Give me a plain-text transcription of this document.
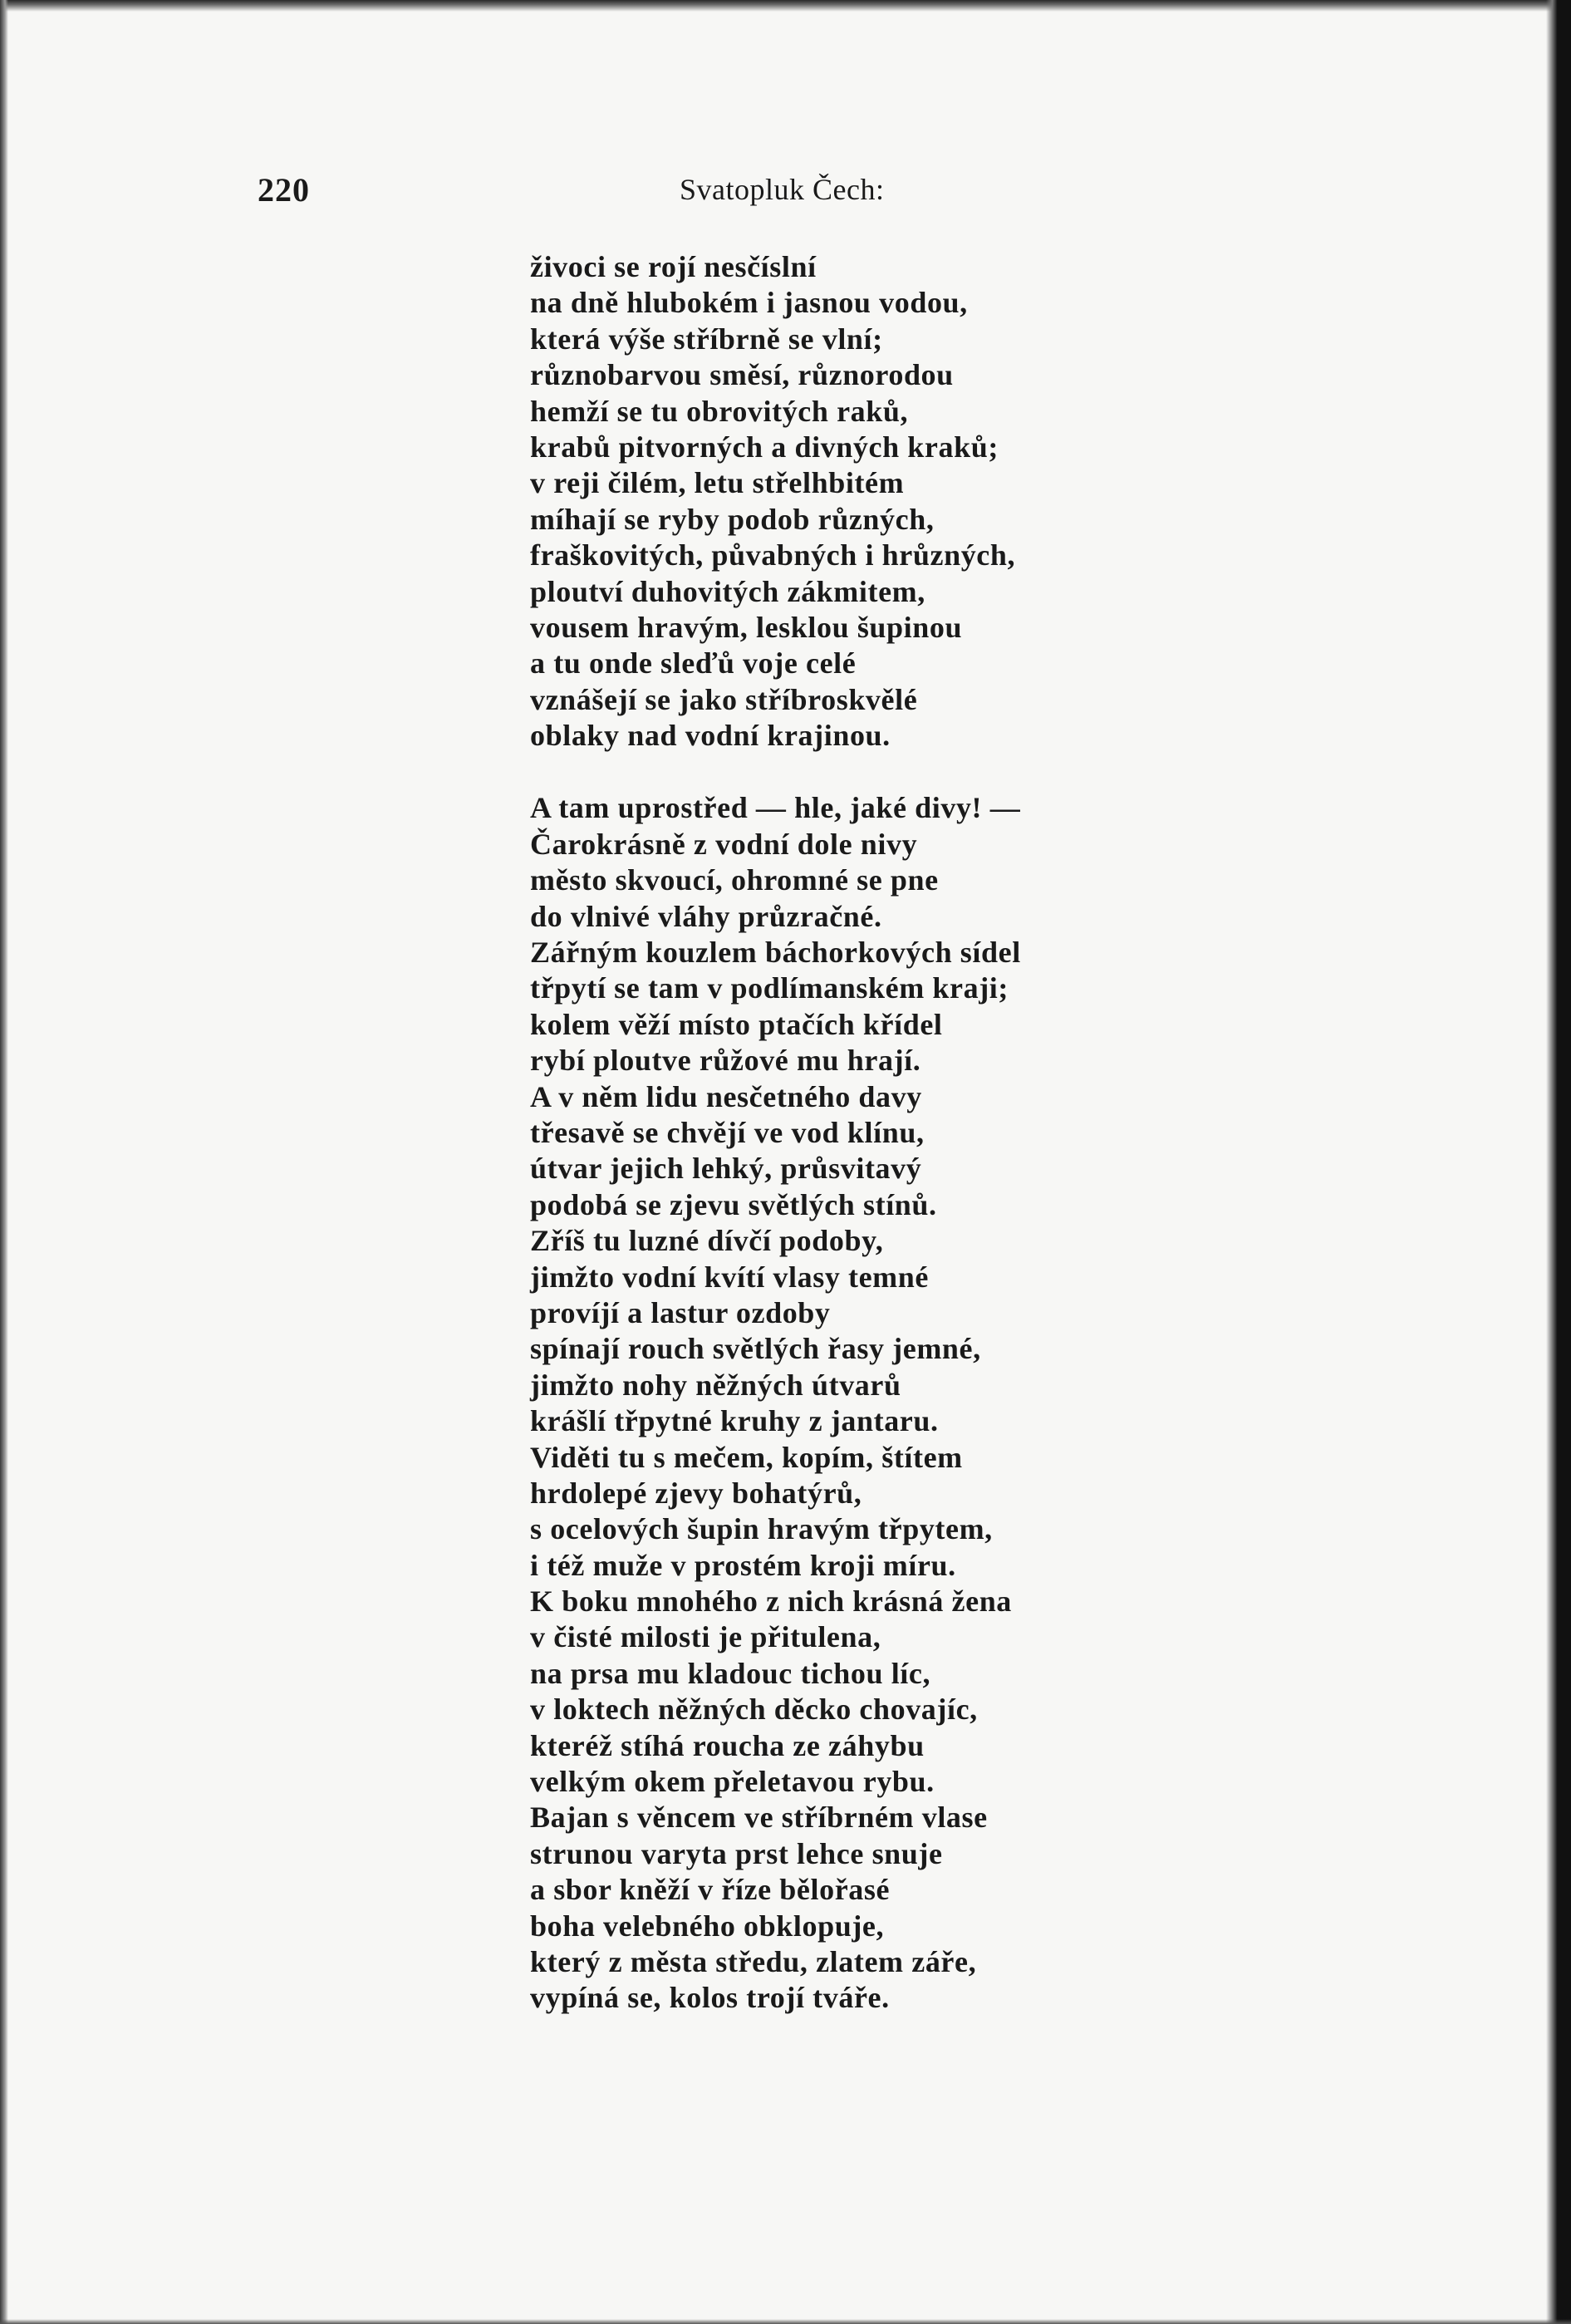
220	Svatopluk Čech:
živoci se rojí nesčíslní
na dně hlubokém i jasnou vodou,
která výše stříbrně se vlní;
různobarvou směsí, různorodou
hemží se tu obrovitých raků,
krabů pitvorných a divných kraků;
v reji čilém, letu střelhbitém
míhají se ryby podob různých,
fraškovitých, půvabných i hrůzných,
ploutví duhovitých zákmitem,
vousem hravým, lesklou šupinou
a tu onde sleďů voje celé
vznášejí se jako stříbroskvělé
oblaky nad vodní krajinou.
A tam uprostřed — hle, jaké divy! —
Čarokrásně z vodní dole nivy
město skvoucí, ohromné se pne
do vlnivé vláhy průzračné.
Zářným kouzlem báchorkových sídel
třpytí se tam v podlímanském kraji;
kolem věží místo ptačích křídel
rybí ploutve růžové mu hrají.
A v něm lidu nesčetného davy
třesavě se chvějí ve vod klínu,
útvar jejich lehký, průsvitavý
podobá se zjevu světlých stínů.
Zříš tu luzné dívčí podoby,
jimžto vodní kvítí vlasy temné
províjí a lastur ozdoby
spínají rouch světlých řasy jemné,
jimžto nohy něžných útvarů
krášlí třpytné kruhy z jantaru.
Viděti tu s mečem, kopím, štítem
hrdolepé zjevy bohatýrů,
s ocelových šupin hravým třpytem,
i též muže v prostém kroji míru.
K boku mnohého z nich krásná žena
v čisté milosti je přitulena,
na prsa mu kladouc tichou líc,
v loktech něžných děcko chovajíc,
kteréž stíhá roucha ze záhybu
velkým okem přeletavou rybu.
Bajan s věncem ve stříbrném vlase
strunou varyta prst lehce snuje
a sbor kněží v říze bělořasé
boha velebného obklopuje,
který z města středu, zlatem záře,
vypíná se, kolos trojí tváře.
